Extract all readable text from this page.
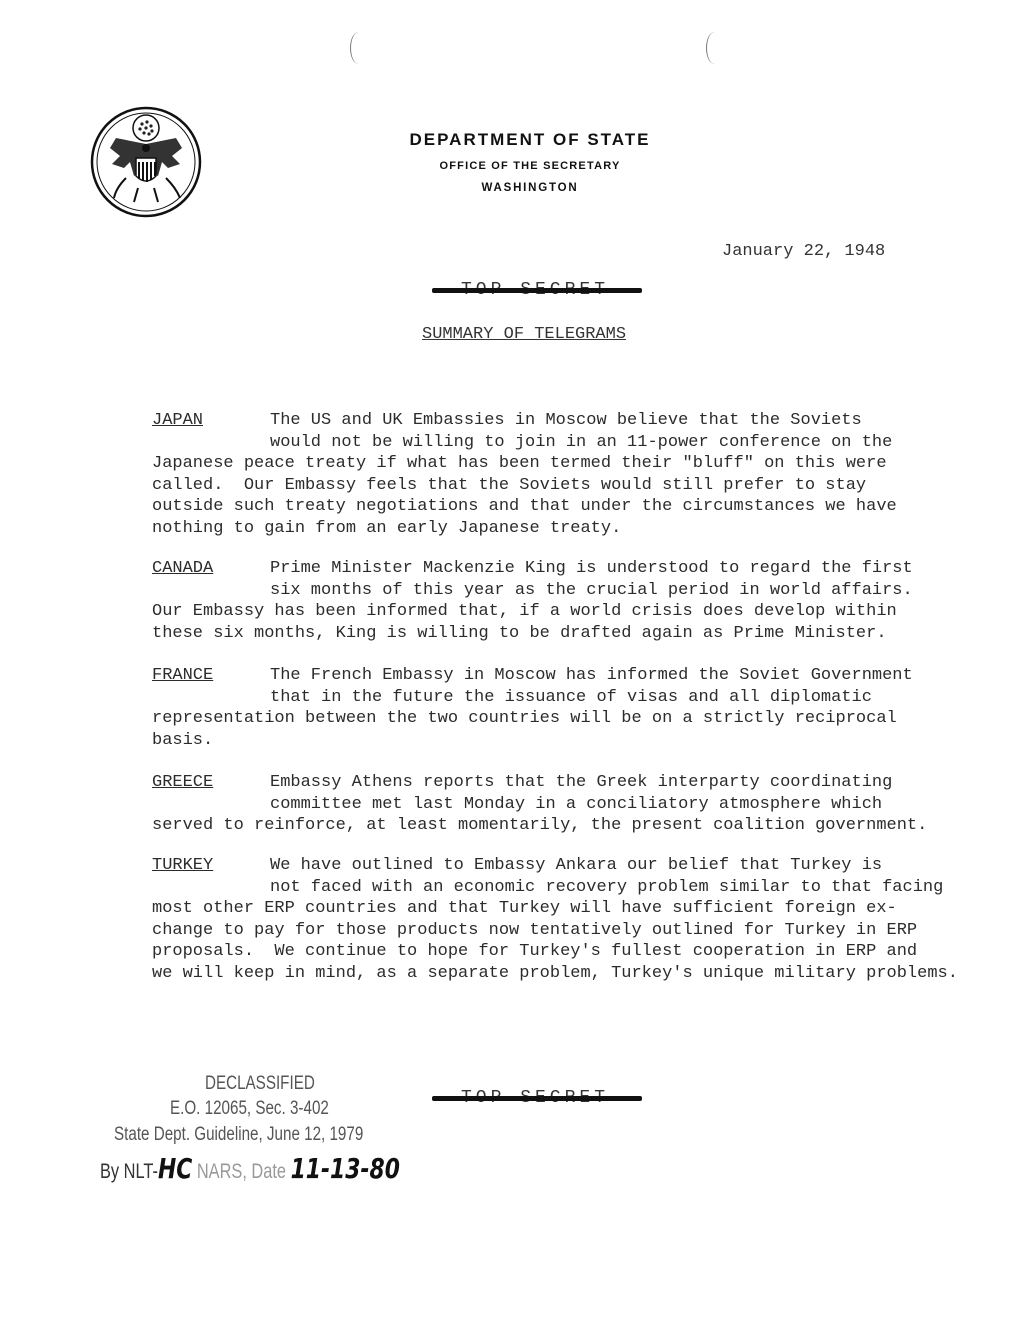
DEPARTMENT OF STATE
OFFICE OF THE SECRETARY
WASHINGTON
January 22, 1948
SUMMARY OF TELEGRAMS
JAPAN	The US and UK Embassies in Moscow believe that the Soviets
would not be willing to join in an 11-power conference on the
Japanese peace treaty if what has been termed their "bluff" on this were
called.  Our Embassy feels that the Soviets would still prefer to stay
outside such treaty negotiations and that under the circumstances we have
nothing to gain from an early Japanese treaty.
CANADA	Prime Minister Mackenzie King is understood to regard the first
six months of this year as the crucial period in world affairs.
Our Embassy has been informed that, if a world crisis does develop within
these six months, King is willing to be drafted again as Prime Minister.
FRANCE	The French Embassy in Moscow has informed the Soviet Government
that in the future the issuance of visas and all diplomatic
representation between the two countries will be on a strictly reciprocal
basis.
GREECE	Embassy Athens reports that the Greek interparty coordinating
committee met last Monday in a conciliatory atmosphere which
served to reinforce, at least momentarily, the present coalition government.
TURKEY	We have outlined to Embassy Ankara our belief that Turkey is
not faced with an economic recovery problem similar to that facing
most other ERP countries and that Turkey will have sufficient foreign ex-
change to pay for those products now tentatively outlined for Turkey in ERP
proposals.  We continue to hope for Turkey's fullest cooperation in ERP and
we will keep in mind, as a separate problem, Turkey's unique military problems.
DECLASSIFIED
E.O. 12065, Sec. 3-402
State Dept. Guideline, June 12, 1979
By NLT-HC NARS, Date 11-13-80
